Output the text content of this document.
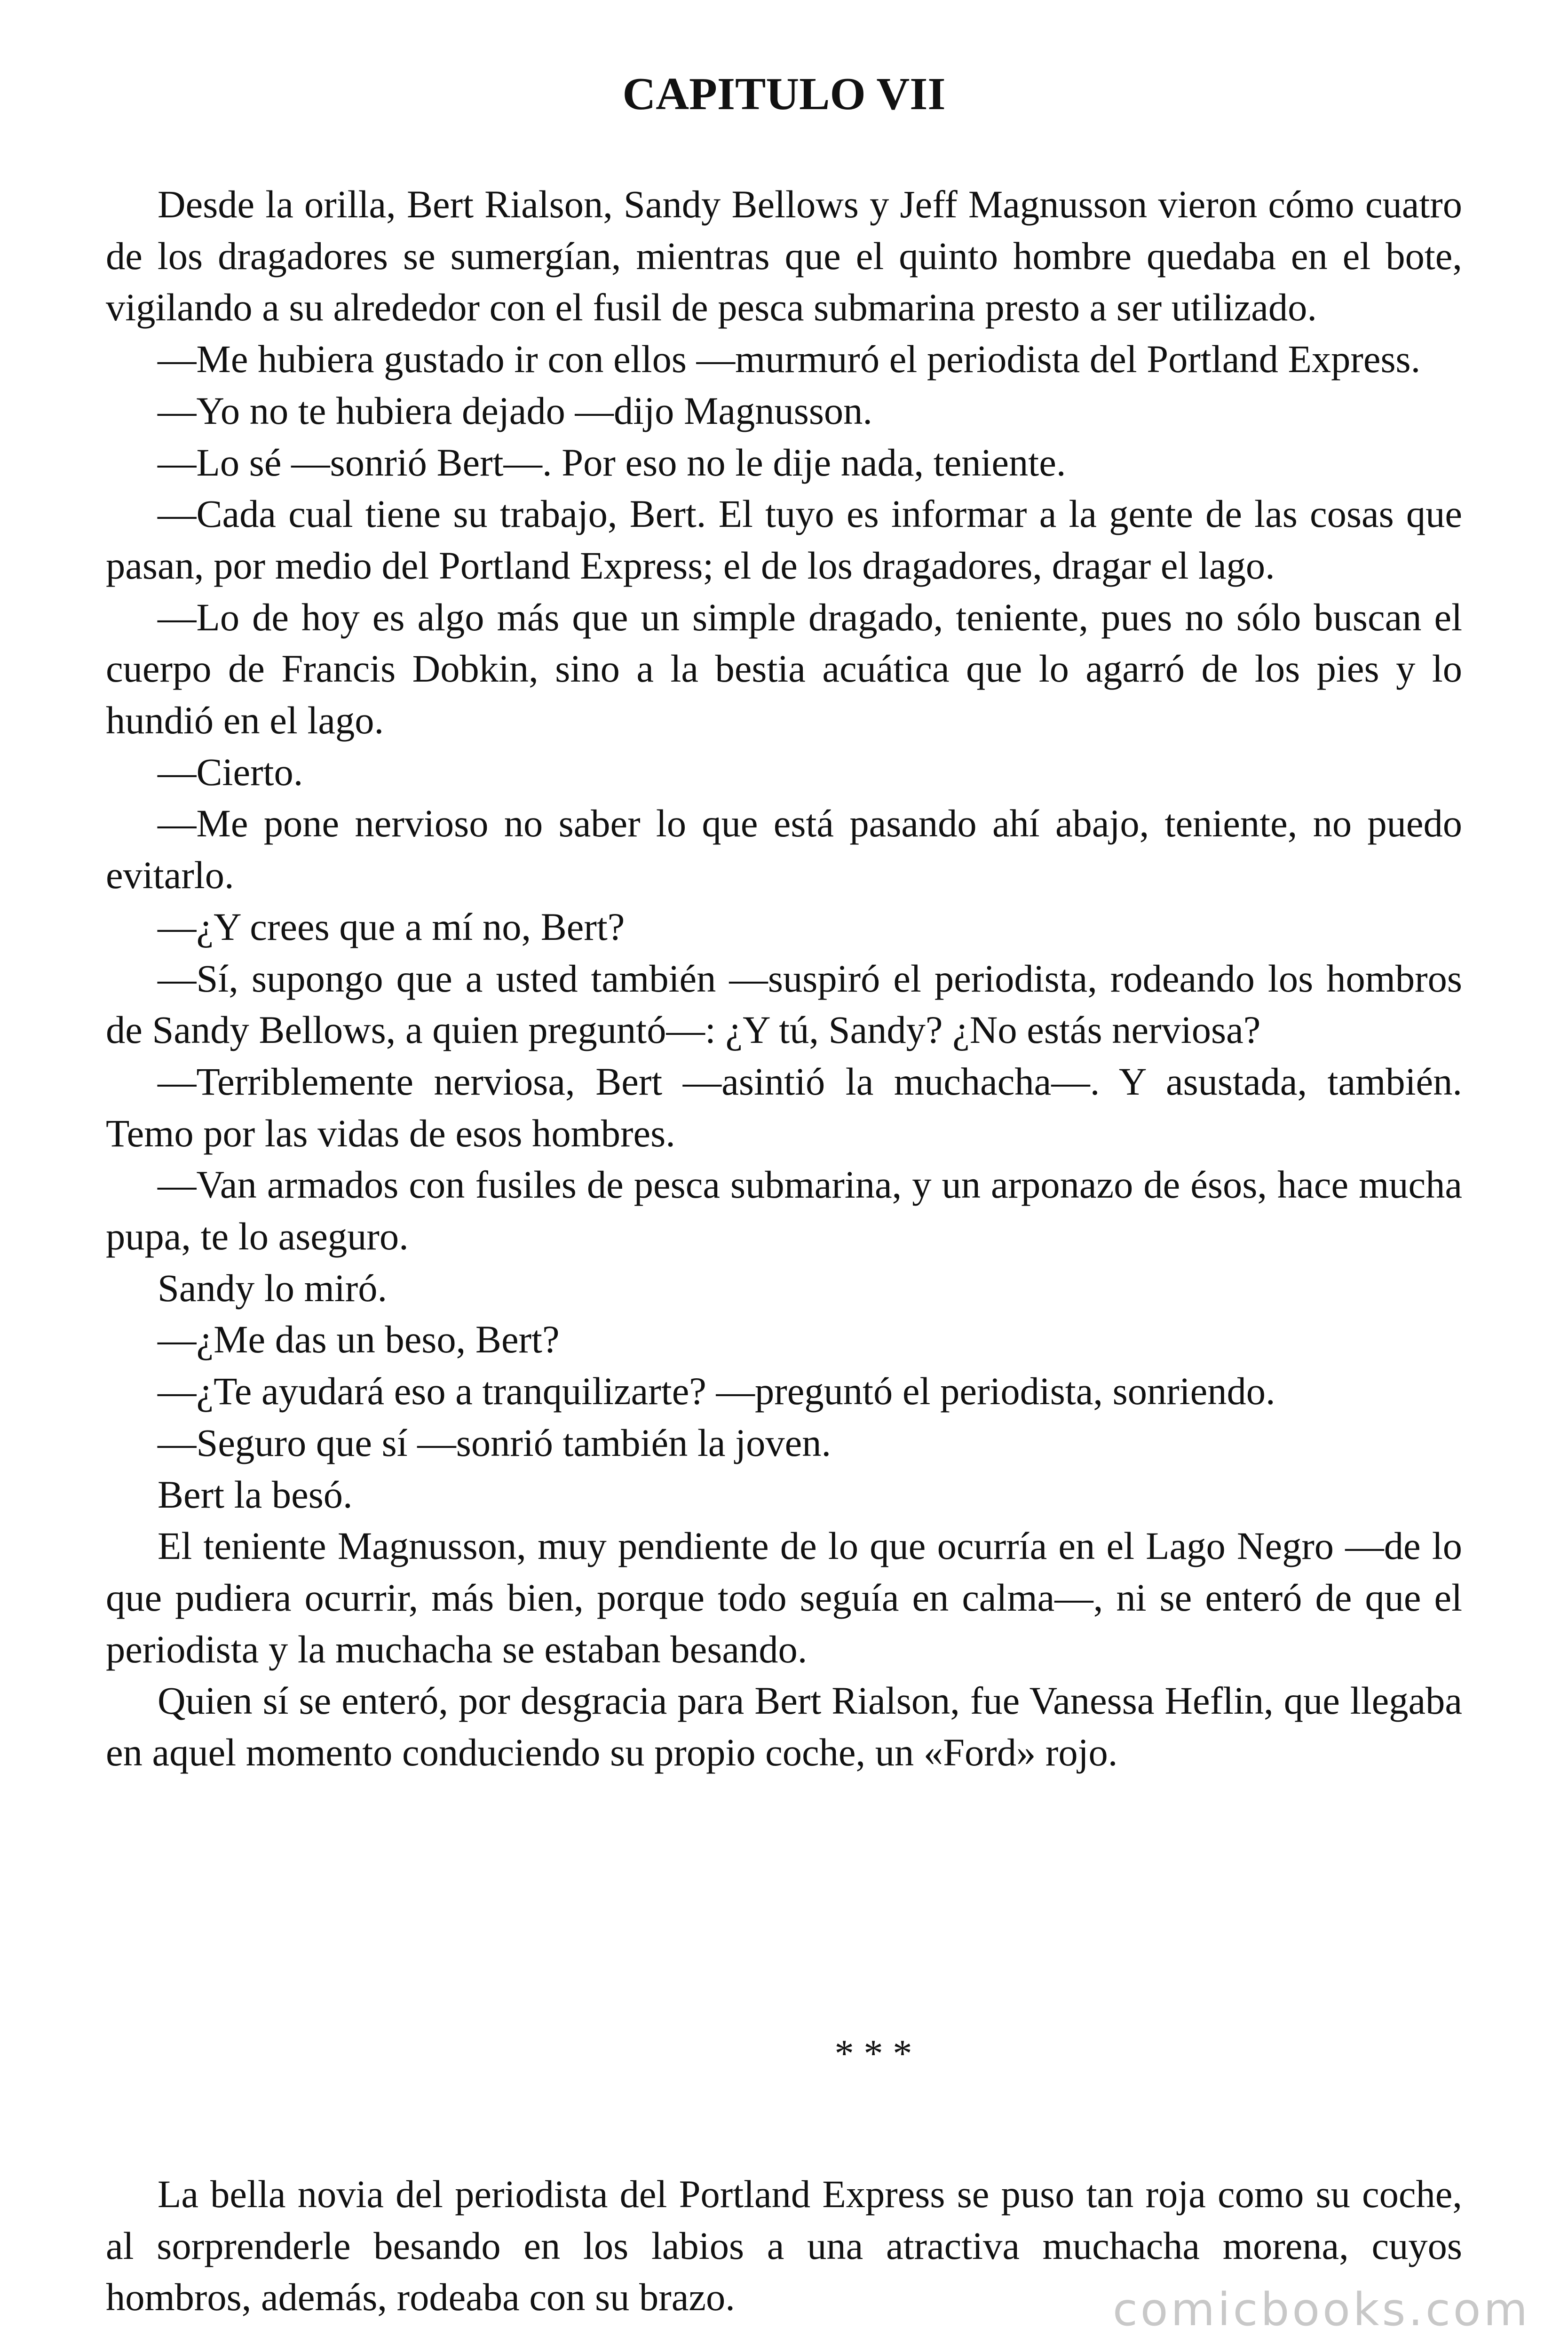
CAPITULO VII

Desde la orilla, Bert Rialson, Sandy Bellows y Jeff Magnusson vieron cómo cuatro de los dragadores se sumergían, mientras que el quinto hombre quedaba en el bote, vigilando a su alrededor con el fusil de pesca submarina presto a ser utilizado.

—Me hubiera gustado ir con ellos —murmuró el periodista del Portland Express.

—Yo no te hubiera dejado —dijo Magnusson.

—Lo sé —sonrió Bert—. Por eso no le dije nada, teniente.

—Cada cual tiene su trabajo, Bert. El tuyo es informar a la gente de las cosas que pasan, por medio del Portland Express; el de los dragadores, dragar el lago.

—Lo de hoy es algo más que un simple dragado, teniente, pues no sólo buscan el cuerpo de Francis Dobkin, sino a la bestia acuática que lo agarró de los pies y lo hundió en el lago.

—Cierto.

—Me pone nervioso no saber lo que está pasando ahí abajo, teniente, no puedo evitarlo.

—¿Y crees que a mí no, Bert?

—Sí, supongo que a usted también —suspiró el periodista, rodeando los hombros de Sandy Bellows, a quien preguntó—: ¿Y tú, Sandy? ¿No estás nerviosa?

—Terriblemente nerviosa, Bert —asintió la muchacha—. Y asustada, también. Temo por las vidas de esos hombres.

—Van armados con fusiles de pesca submarina, y un arponazo de ésos, hace mucha pupa, te lo aseguro.

Sandy lo miró.

—¿Me das un beso, Bert?

—¿Te ayudará eso a tranquilizarte? —preguntó el periodista, sonriendo.

—Seguro que sí —sonrió también la joven.

Bert la besó.

El teniente Magnusson, muy pendiente de lo que ocurría en el Lago Negro —de lo que pudiera ocurrir, más bien, porque todo seguía en calma—, ni se enteró de que el periodista y la muchacha se estaban besando.

Quien sí se enteró, por desgracia para Bert Rialson, fue Vanessa Heflin, que llegaba en aquel momento conduciendo su propio coche, un «Ford» rojo.

* * *

La bella novia del periodista del Portland Express se puso tan roja como su coche, al sorprenderle besando en los labios a una atractiva muchacha morena, cuyos hombros, además, rodeaba con su brazo.	comicbooks.com
